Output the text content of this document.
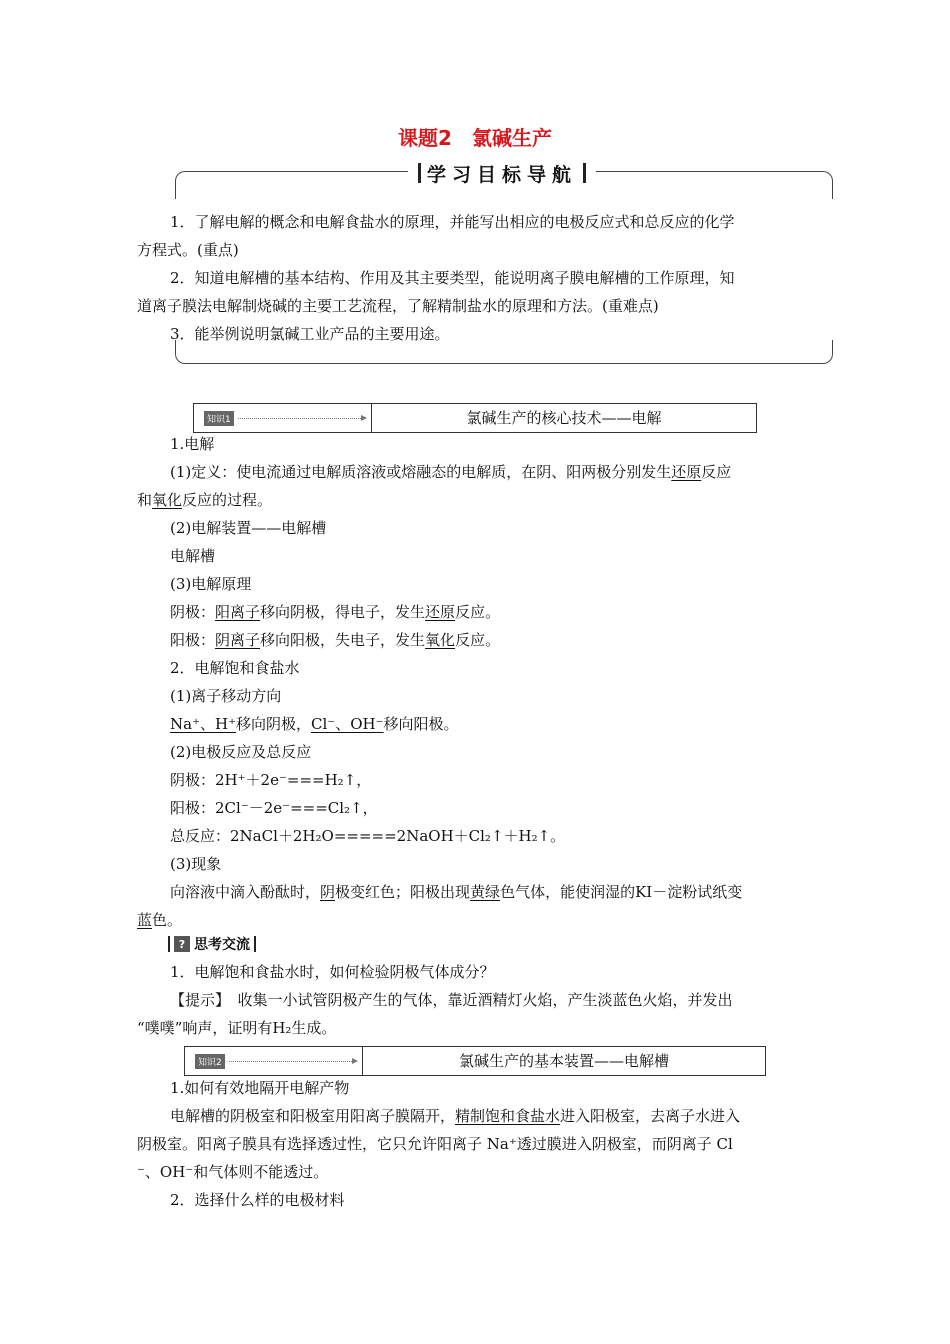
课题2　氯碱生产
学习目标导航
1．了解电解的概念和电解食盐水的原理，并能写出相应的电极反应式和总反应的化学
方程式。(重点)
2．知道电解槽的基本结构、作用及其主要类型，能说明离子膜电解槽的工作原理，知
道离子膜法电解制烧碱的主要工艺流程，了解精制盐水的原理和方法。(重难点)
3．能举例说明氯碱工业产品的主要用途。
知识1	氯碱生产的核心技术——电解
1.电解
(1)定义：使电流通过电解质溶液或熔融态的电解质，在阴、阳两极分别发生还原反应
和氧化反应的过程。
(2)电解装置——电解槽
电解槽
(3)电解原理
阴极：阳离子移向阴极，得电子，发生还原反应。
阳极：阴离子移向阳极，失电子，发生氧化反应。
2．电解饱和食盐水
(1)离子移动方向
Na⁺、H⁺移向阴极，Cl⁻、OH⁻移向阳极。
(2)电极反应及总反应
阴极：2H⁺＋2e⁻===H₂↑，
阳极：2Cl⁻－2e⁻===Cl₂↑，
总反应：2NaCl＋2H₂O=====2NaOH＋Cl₂↑＋H₂↑。
(3)现象
向溶液中滴入酚酞时，阴极变红色；阳极出现黄绿色气体，能使润湿的KI－淀粉试纸变
蓝色。
? 思考交流
1．电解饱和食盐水时，如何检验阴极气体成分？
【提示】　收集一小试管阴极产生的气体，靠近酒精灯火焰，产生淡蓝色火焰，并发出
“噗噗”响声，证明有H₂生成。
知识2	氯碱生产的基本装置——电解槽
1.如何有效地隔开电解产物
电解槽的阴极室和阳极室用阳离子膜隔开，精制饱和食盐水进入阳极室，去离子水进入
阴极室。阳离子膜具有选择透过性，它只允许阳离子 Na⁺透过膜进入阴极室，而阴离子 Cl
⁻、OH⁻和气体则不能透过。
2．选择什么样的电极材料
